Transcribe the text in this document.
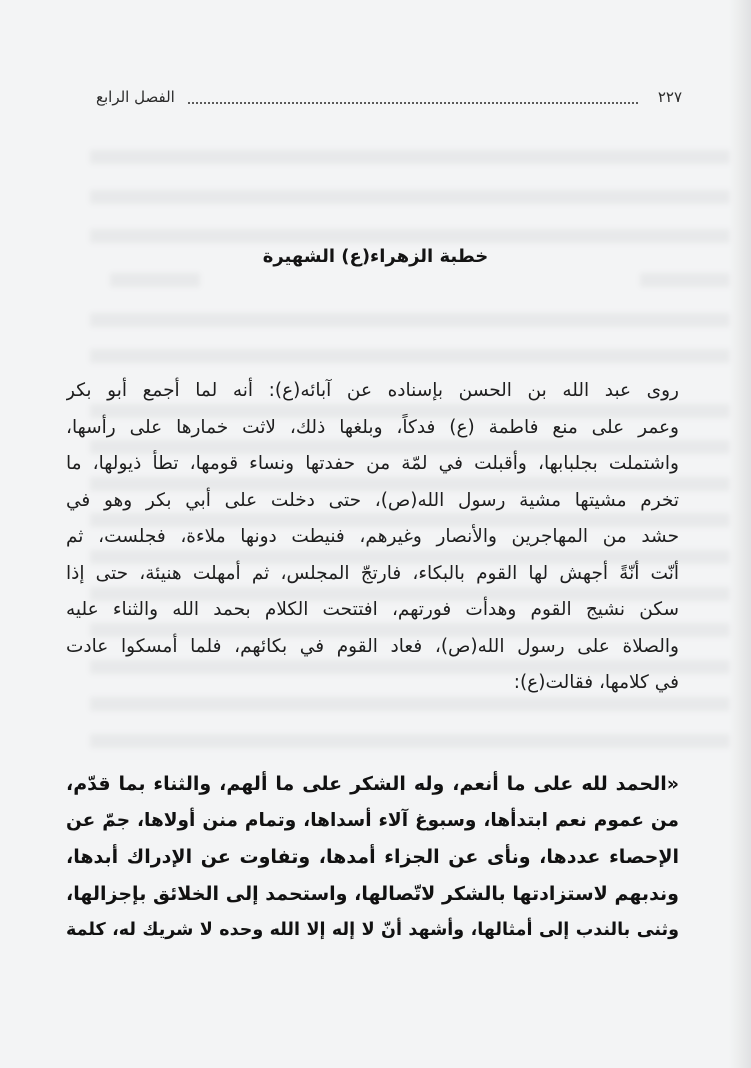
٢٢٧
الفصل الرابع
خطبة الزهراء(ع) الشهيرة
روى عبد الله بن الحسن بإسناده عن آبائه(ع): أنه لما أجمع أبو بكر
وعمر على منع فاطمة (ع) فدكاً، وبلغها ذلك، لاثت خمارها على رأسها،
واشتملت بجلبابها، وأقبلت في لمّة من حفدتها ونساء قومها، تطأ ذيولها، ما
تخرم مشيتها مشية رسول الله(ص)، حتى دخلت على أبي بكر وهو في
حشد من المهاجرين والأنصار وغيرهم، فنيطت دونها ملاءة، فجلست، ثم
أنّت أنّةً أجهش لها القوم بالبكاء، فارتجّ المجلس، ثم أمهلت هنيئة، حتى إذا
سكن نشيج القوم وهدأت فورتهم، افتتحت الكلام بحمد الله والثناء عليه
والصلاة على رسول الله(ص)، فعاد القوم في بكائهم، فلما أمسكوا عادت
في كلامها، فقالت(ع):
«الحمد لله على ما أنعم، وله الشكر على ما ألهم، والثناء بما قدّم،
من عموم نعم ابتدأها، وسبوغ آلاء أسداها، وتمام منن أولاها، جمّ عن
الإحصاء عددها، ونأى عن الجزاء أمدها، وتفاوت عن الإدراك أبدها،
وندبهم لاستزادتها بالشكر لاتّصالها، واستحمد إلى الخلائق بإجزالها،
وثنى بالندب إلى أمثالها، وأشهد أنّ لا إله إلا الله وحده لا شريك له، كلمة
